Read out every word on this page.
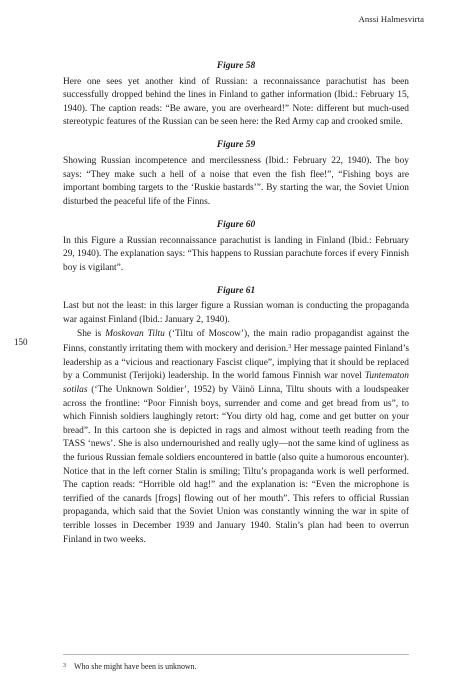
Anssi Halmesvirta
150
Figure 58

Here one sees yet another kind of Russian: a reconnaissance parachutist has been successfully dropped behind the lines in Finland to gather information (Ibid.: February 15, 1940). The caption reads: “Be aware, you are overheard!” Note: different but much-used stereotypic features of the Russian can be seen here: the Red Army cap and crooked smile.

Figure 59

Showing Russian incompetence and mercilessness (Ibid.: February 22, 1940). The boy says: “They make such a hell of a noise that even the fish flee!”, “Fishing boys are important bombing targets to the ‘Ruskie bastards’”. By starting the war, the Soviet Union disturbed the peaceful life of the Finns.

Figure 60

In this Figure a Russian reconnaissance parachutist is landing in Finland (Ibid.: February 29, 1940). The explanation says: “This happens to Russian parachute forces if every Finnish boy is vigilant”.

Figure 61

Last but not the least: in this larger figure a Russian woman is conducting the propaganda war against Finland (Ibid.: January 2, 1940).

She is Moskovan Tiltu (‘Tiltu of Moscow’), the main radio propagandist against the Finns, constantly irritating them with mockery and derision.$^3$ Her message painted Finland’s leadership as a “vicious and reactionary Fascist clique”, implying that it should be replaced by a Communist (Terijoki) leadership. In the world famous Finnish war novel Tuntematon sotilas (‘The Unknown Soldier’, 1952) by Väinö Linna, Tiltu shouts with a loudspeaker across the frontline: “Poor Finnish boys, surrender and come and get bread from us”, to which Finnish soldiers laughingly retort: “You dirty old hag, come and get butter on your bread”. In this cartoon she is depicted in rags and almost without teeth reading from the TASS ‘news’. She is also undernourished and really ugly—not the same kind of ugliness as the furious Russian female soldiers encountered in battle (also quite a humorous encounter). Notice that in the left corner Stalin is smiling; Tiltu’s propaganda work is well performed. The caption reads: “Horrible old hag!” and the explanation is: “Even the microphone is terrified of the canards [frogs] flowing out of her mouth”. This refers to official Russian propaganda, which said that the Soviet Union was constantly winning the war in spite of terrible losses in December 1939 and January 1940. Stalin’s plan had been to overrun Finland in two weeks.

3 Who she might have been is unknown.
